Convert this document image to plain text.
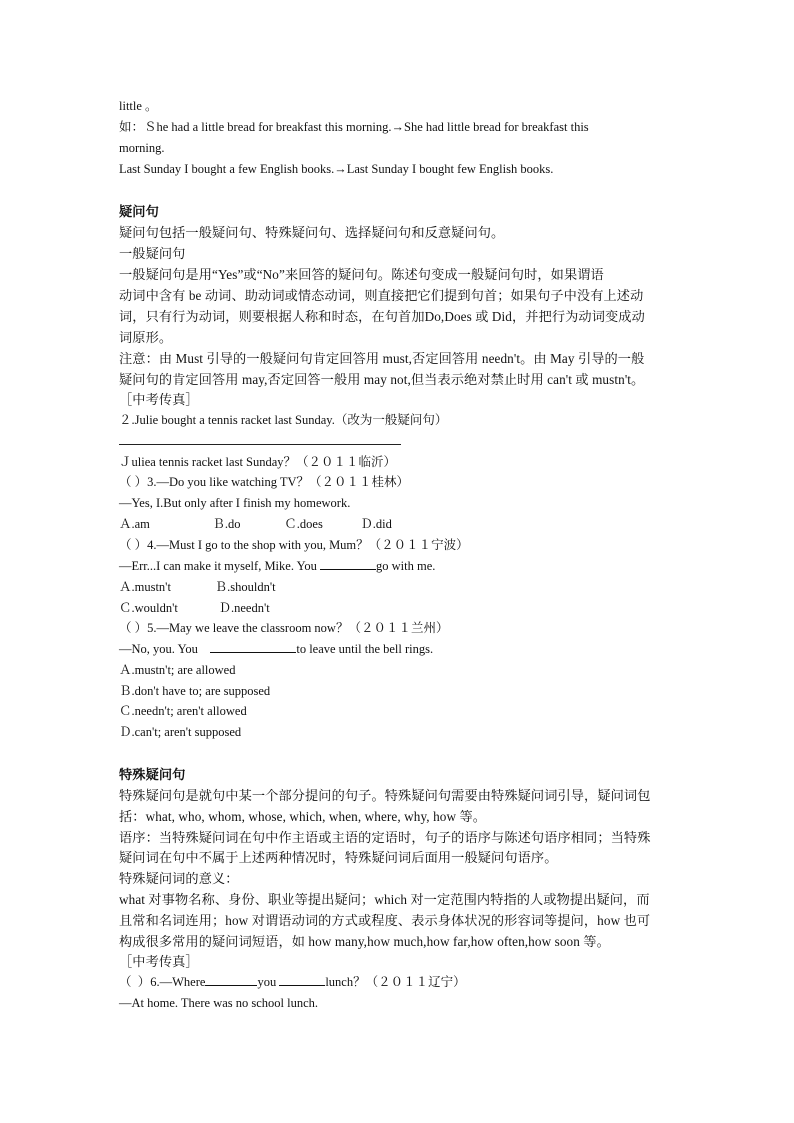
little 。
如：Ｓhe had a little bread for breakfast this morning.→She had little bread for breakfast this
morning.
Last Sunday I bought a few English books.→Last Sunday I bought few English books.
疑问句
疑问句包括一般疑问句、特殊疑问句、选择疑问句和反意疑问句。
一般疑问句
一般疑问句是用“Yes”或“No”来回答的疑问句。陈述句变成一般疑问句时，如果谓语
动词中含有 be 动词、助动词或情态动词，则直接把它们提到句首；如果句子中没有上述动
词，只有行为动词，则要根据人称和时态，在句首加Do,Does 或 Did，并把行为动词变成动
词原形。
注意：由 Must 引导的一般疑问句肯定回答用 must,否定回答用 needn't。由 May 引导的一般
疑问句的肯定回答用 may,否定回答一般用 may not,但当表示绝对禁止时用 can't 或 mustn't。
［中考传真］
２.Julie bought a tennis racket last Sunday.（改为一般疑问句）
Ｊuliea tennis racket last Sunday？（２０１１临沂）
（ ）3.—Do you like watching TV？（２０１１桂林）
—Yes, I.But only after I finish my homework.
Ａ.am                    Ｂ.do              Ｃ.does            Ｄ.did
（ ）4.—Must I go to the shop with you, Mum？（２０１１宁波）
—Err...I can make it myself, Mike. You	go with me.
Ａ.mustn't              Ｂ.shouldn't
Ｃ.wouldn't             Ｄ.needn't
（ ）5.—May we leave the classroom now？（２０１１兰州）
—No, you. You	to leave until the bell rings.
Ａ.mustn't; are allowed
Ｂ.don't have to; are supposed
Ｃ.needn't; aren't allowed
Ｄ.can't; aren't supposed
特殊疑问句
特殊疑问句是就句中某一个部分提问的句子。特殊疑问句需要由特殊疑问词引导，疑问词包
括：what, who, whom, whose, which, when, where, why, how 等。
语序：当特殊疑问词在句中作主语或主语的定语时，句子的语序与陈述句语序相同；当特殊
疑问词在句中不属于上述两种情况时，特殊疑问词后面用一般疑问句语序。
特殊疑问词的意义：
what 对事物名称、身份、职业等提出疑问；which 对一定范围内特指的人或物提出疑问，而
且常和名词连用；how 对谓语动词的方式或程度、表示身体状况的形容词等提问，how 也可
构成很多常用的疑问词短语，如 how many,how much,how far,how often,how soon 等。
［中考传真］
（  ）6.—Where	you	lunch？（２０１１辽宁）
—At home. There was no school lunch.
